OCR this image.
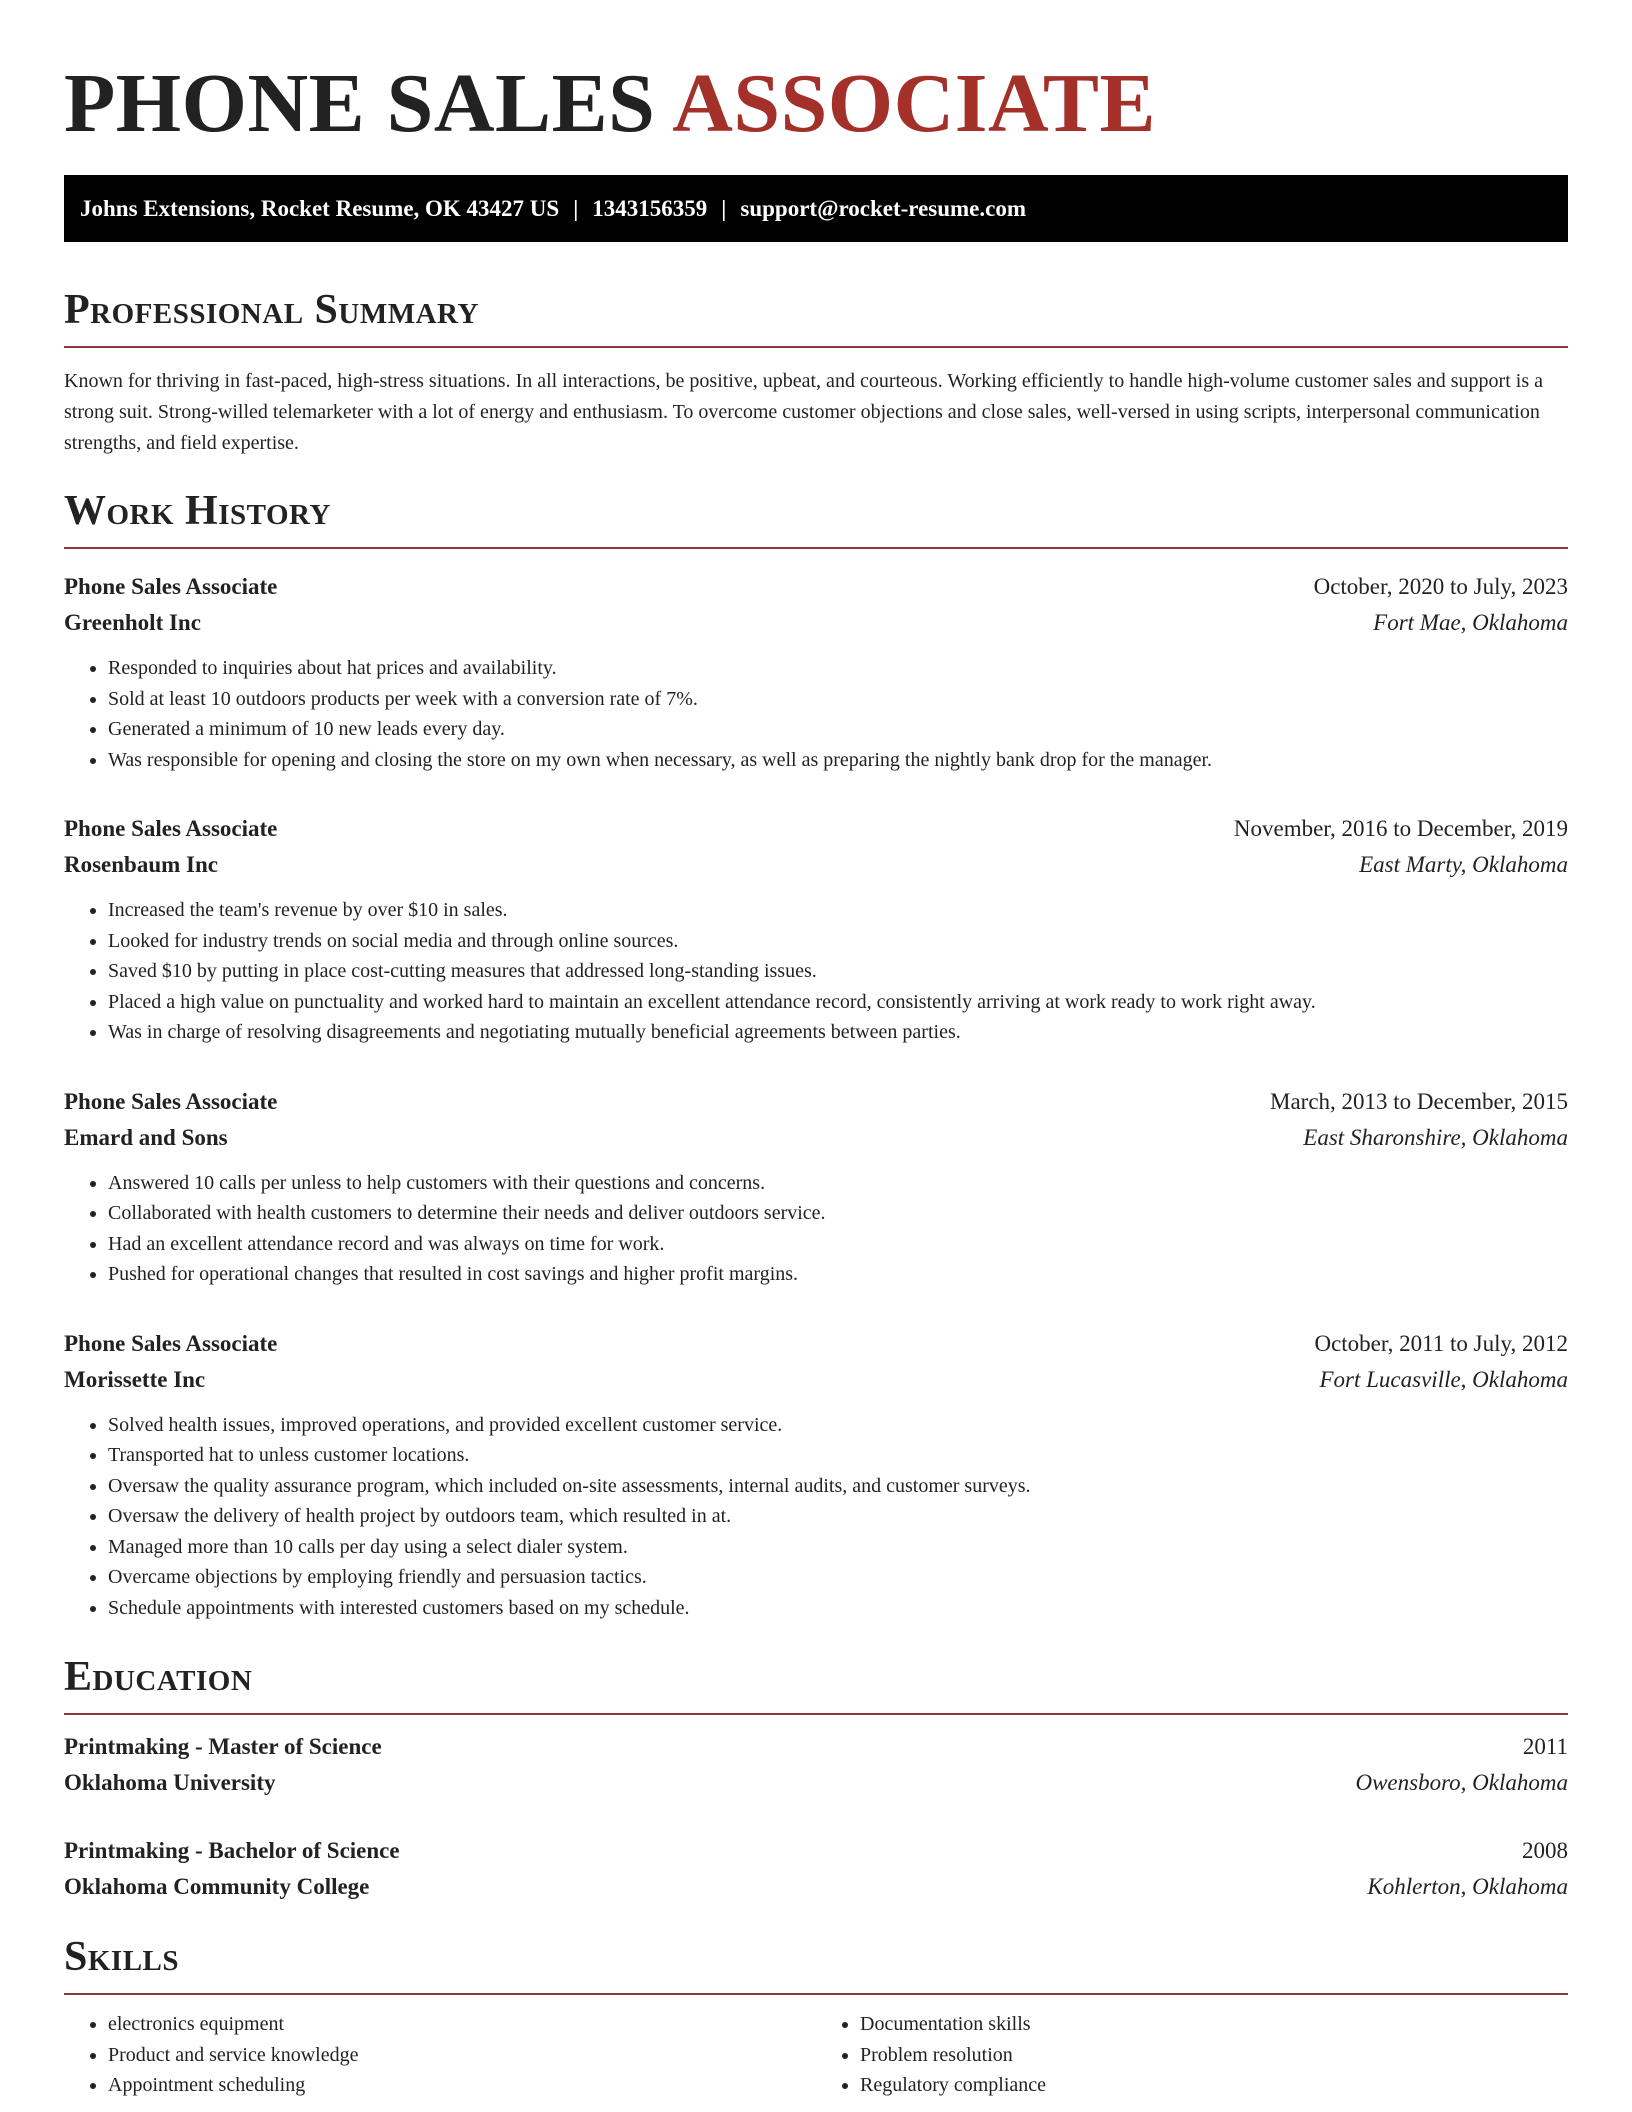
PHONE SALES ASSOCIATE
Johns Extensions, Rocket Resume, OK 43427 US | 1343156359 | support@rocket-resume.com
Professional Summary

Known for thriving in fast-paced, high-stress situations. In all interactions, be positive, upbeat, and courteous. Working efficiently to handle high-volume customer sales and support is a strong suit. Strong-willed telemarketer with a lot of energy and enthusiasm. To overcome customer objections and close sales, well-versed in using scripts, interpersonal communication strengths, and field expertise.

Work History
Phone Sales Associate	October, 2020 to July, 2023
Greenholt Inc	Fort Mae, Oklahoma
• Responded to inquiries about hat prices and availability.
• Sold at least 10 outdoors products per week with a conversion rate of 7%.
• Generated a minimum of 10 new leads every day.
• Was responsible for opening and closing the store on my own when necessary, as well as preparing the nightly bank drop for the manager.
Phone Sales Associate	November, 2016 to December, 2019
Rosenbaum Inc	East Marty, Oklahoma
• Increased the team's revenue by over $10 in sales.
• Looked for industry trends on social media and through online sources.
• Saved $10 by putting in place cost-cutting measures that addressed long-standing issues.
• Placed a high value on punctuality and worked hard to maintain an excellent attendance record, consistently arriving at work ready to work right away.
• Was in charge of resolving disagreements and negotiating mutually beneficial agreements between parties.
Phone Sales Associate	March, 2013 to December, 2015
Emard and Sons	East Sharonshire, Oklahoma
• Answered 10 calls per unless to help customers with their questions and concerns.
• Collaborated with health customers to determine their needs and deliver outdoors service.
• Had an excellent attendance record and was always on time for work.
• Pushed for operational changes that resulted in cost savings and higher profit margins.
Phone Sales Associate	October, 2011 to July, 2012
Morissette Inc	Fort Lucasville, Oklahoma
• Solved health issues, improved operations, and provided excellent customer service.
• Transported hat to unless customer locations.
• Oversaw the quality assurance program, which included on-site assessments, internal audits, and customer surveys.
• Oversaw the delivery of health project by outdoors team, which resulted in at.
• Managed more than 10 calls per day using a select dialer system.
• Overcame objections by employing friendly and persuasion tactics.
• Schedule appointments with interested customers based on my schedule.
Education
Printmaking - Master of Science	2011
Oklahoma University	Owensboro, Oklahoma
Printmaking - Bachelor of Science	2008
Oklahoma Community College	Kohlerton, Oklahoma
Skills
• electronics equipment
• Product and service knowledge
• Appointment scheduling
• Documentation skills
• Problem resolution
• Regulatory compliance
